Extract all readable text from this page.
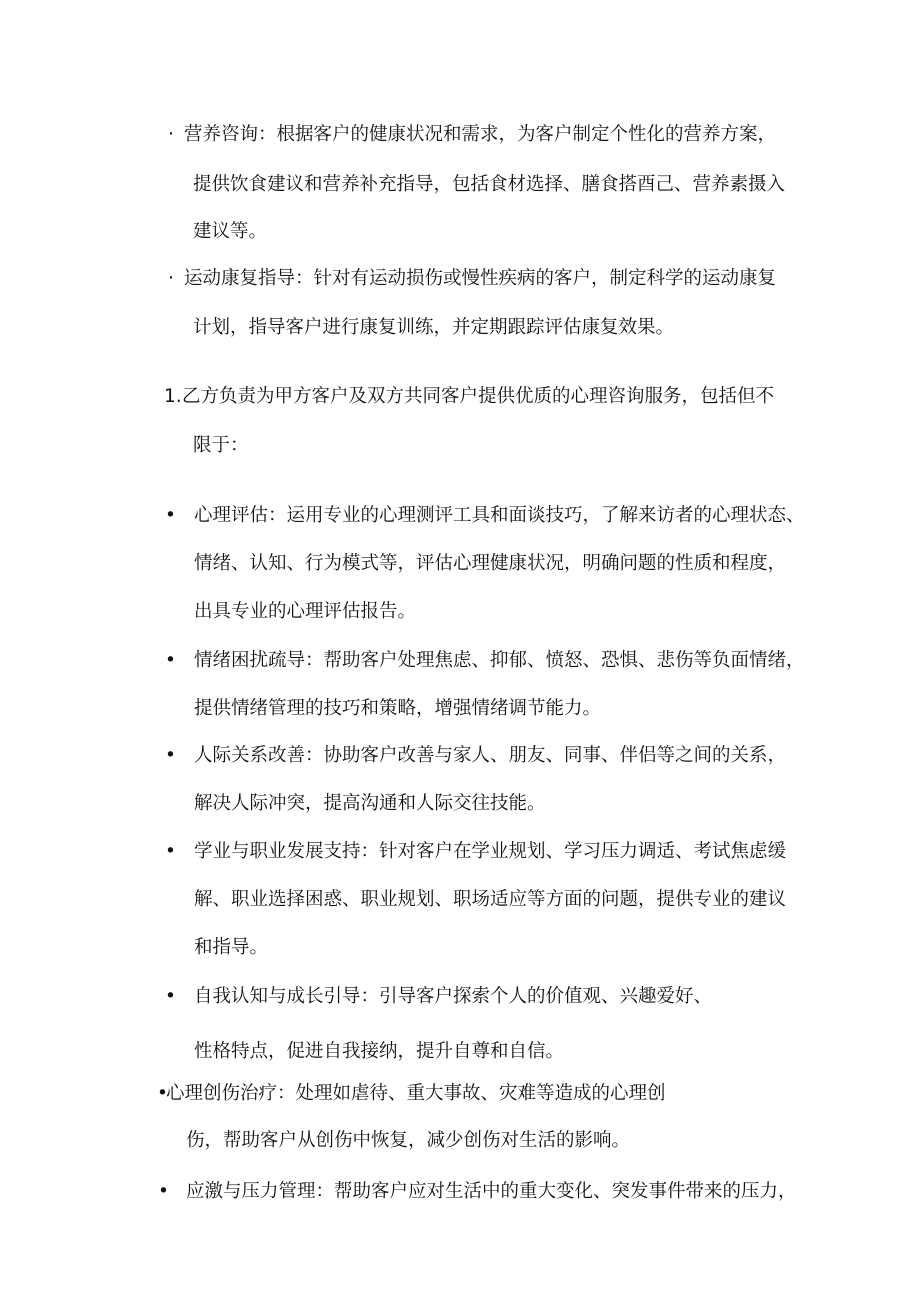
· 营养咨询：根据客户的健康状况和需求，为客户制定个性化的营养方案，
提供饮食建议和营养补充指导，包括食材选择、膳食搭酉己、营养素摄入
建议等。
· 运动康复指导：针对有运动损伤或慢性疾病的客户，制定科学的运动康复
计划，指导客户进行康复训练，并定期跟踪评估康复效果。
1. 乙方负责为甲方客户及双方共同客户提供优质的心理咨询服务，包括但不
限于：
• 心理评估：运用专业的心理测评工具和面谈技巧，了解来访者的心理状态、
情绪、认知、行为模式等，评估心理健康状况，明确问题的性质和程度，
出具专业的心理评估报告。
• 情绪困扰疏导：帮助客户处理焦虑、抑郁、愤怒、恐惧、悲伤等负面情绪，
提供情绪管理的技巧和策略，增强情绪调节能力。
• 人际关系改善：协助客户改善与家人、朋友、同事、伴侣等之间的关系，
解决人际冲突，提高沟通和人际交往技能。
• 学业与职业发展支持：针对客户在学业规划、学习压力调适、考试焦虑缓
解、职业选择困惑、职业规划、职场适应等方面的问题，提供专业的建议
和指导。
• 自我认知与成长引导：引导客户探索个人的价值观、兴趣爱好、
性格特点，促进自我接纳，提升自尊和自信。
•
心理创伤治疗：处理如虐待、重大事故、灾难等造成的心理创
伤，帮助客户从创伤中恢复，减少创伤对生活的影响。
• 应激与压力管理：帮助客户应对生活中的重大变化、突发事件带来的压力，
